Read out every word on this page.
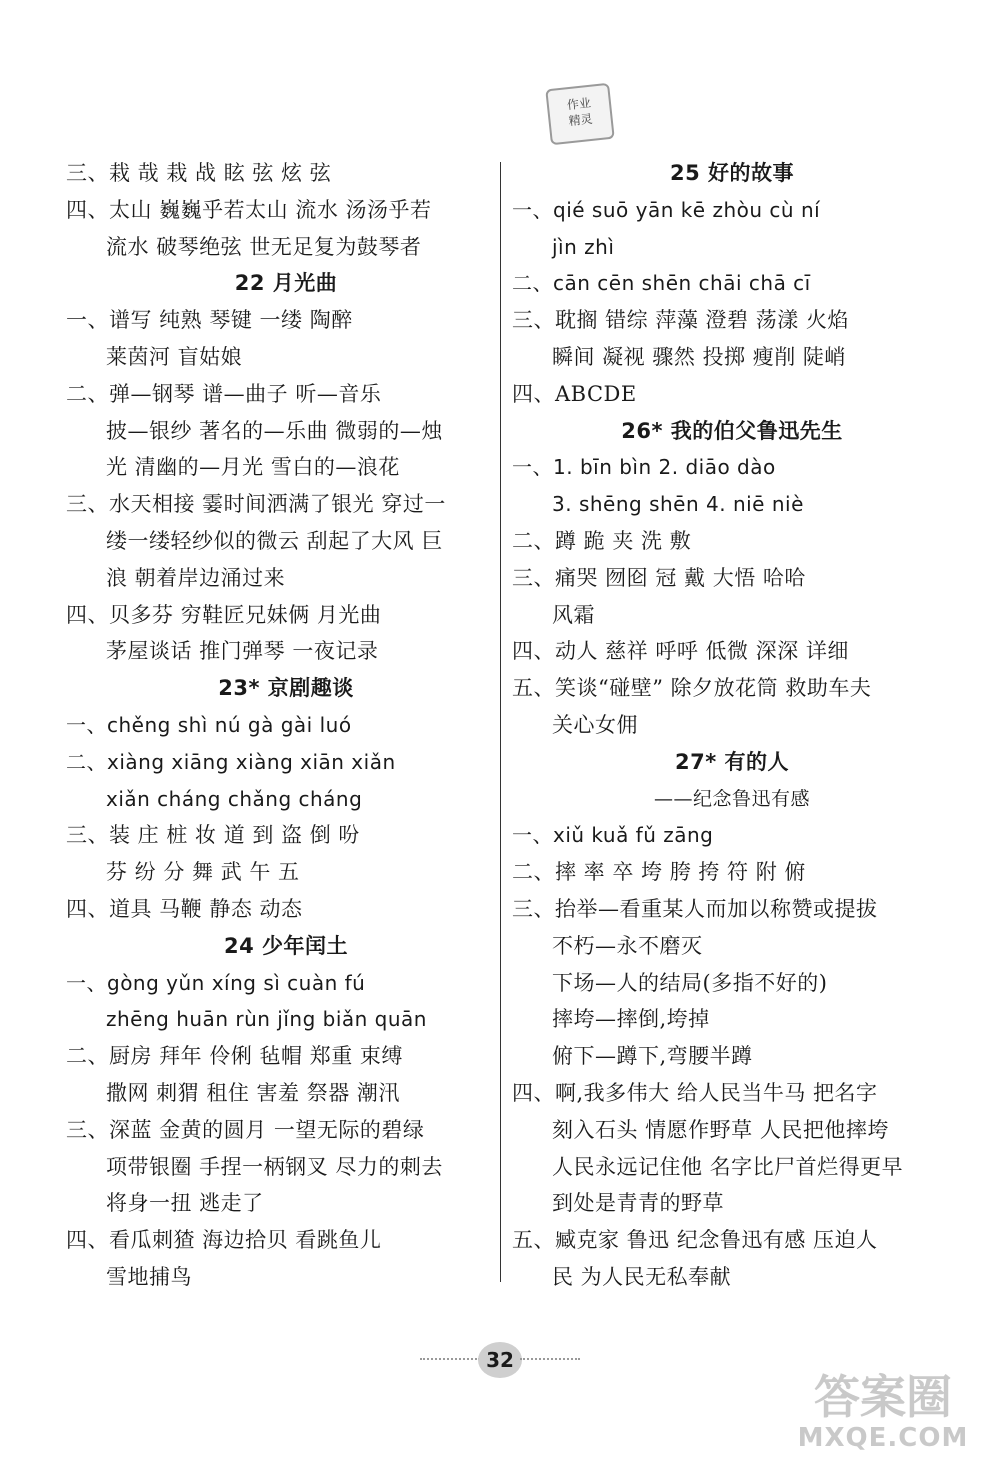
作业
精灵
三、栽 哉 栽 战 眩 弦 炫 弦
四、太山 巍巍乎若太山 流水 汤汤乎若
流水 破琴绝弦 世无足复为鼓琴者
22 月光曲
一、谱写 纯熟 琴键 一缕 陶醉
莱茵河 盲姑娘
二、弹—钢琴 谱—曲子 听—音乐
披—银纱 著名的—乐曲 微弱的—烛
光 清幽的—月光 雪白的—浪花
三、水天相接 霎时间洒满了银光 穿过一
缕一缕轻纱似的微云 刮起了大风 巨
浪 朝着岸边涌过来
四、贝多芬 穷鞋匠兄妹俩 月光曲
茅屋谈话 推门弹琴 一夜记录
23* 京剧趣谈
一、chěng shì nú gà gài luó
二、xiàng xiāng xiàng xiān xiǎn
xiǎn cháng chǎng cháng
三、装 庄 桩 妆 道 到 盗 倒 吩
芬 纷 分 舞 武 午 五
四、道具 马鞭 静态 动态
24 少年闰土
一、gòng yǔn xíng sì cuàn fú
zhēng huān rùn jǐng biǎn quān
二、厨房 拜年 伶俐 毡帽 郑重 束缚
撒网 刺猬 租住 害羞 祭器 潮汛
三、深蓝 金黄的圆月 一望无际的碧绿
项带银圈 手捏一柄钢叉 尽力的刺去
将身一扭 逃走了
四、看瓜刺猹 海边拾贝 看跳鱼儿
雪地捕鸟
25 好的故事
一、qié suō yān kē zhòu cù ní
jìn zhì
二、cān cēn shēn chāi chā cī
三、耽搁 错综 萍藻 澄碧 荡漾 火焰
瞬间 凝视 骤然 投掷 瘦削 陡峭
四、ABCDE
26* 我的伯父鲁迅先生
一、1. bīn bìn 2. diāo dào
3. shēng shēn 4. niē niè
二、蹲 跪 夹 洗 敷
三、痛哭 囫囵 冠 戴 大悟 哈哈
风霜
四、动人 慈祥 呼呼 低微 深深 详细
五、笑谈“碰壁” 除夕放花筒 救助车夫
关心女佣
27* 有的人
——纪念鲁迅有感
一、xiǔ kuǎ fǔ zāng
二、摔 率 卒 垮 胯 挎 符 附 俯
三、抬举—看重某人而加以称赞或提拔
不朽—永不磨灭
下场—人的结局(多指不好的)
摔垮—摔倒,垮掉
俯下—蹲下,弯腰半蹲
四、啊,我多伟大 给人民当牛马 把名字
刻入石头 情愿作野草 人民把他摔垮
人民永远记住他 名字比尸首烂得更早
到处是青青的野草
五、臧克家 鲁迅 纪念鲁迅有感 压迫人
民 为人民无私奉献
32
答案圈
MXQE.COM
